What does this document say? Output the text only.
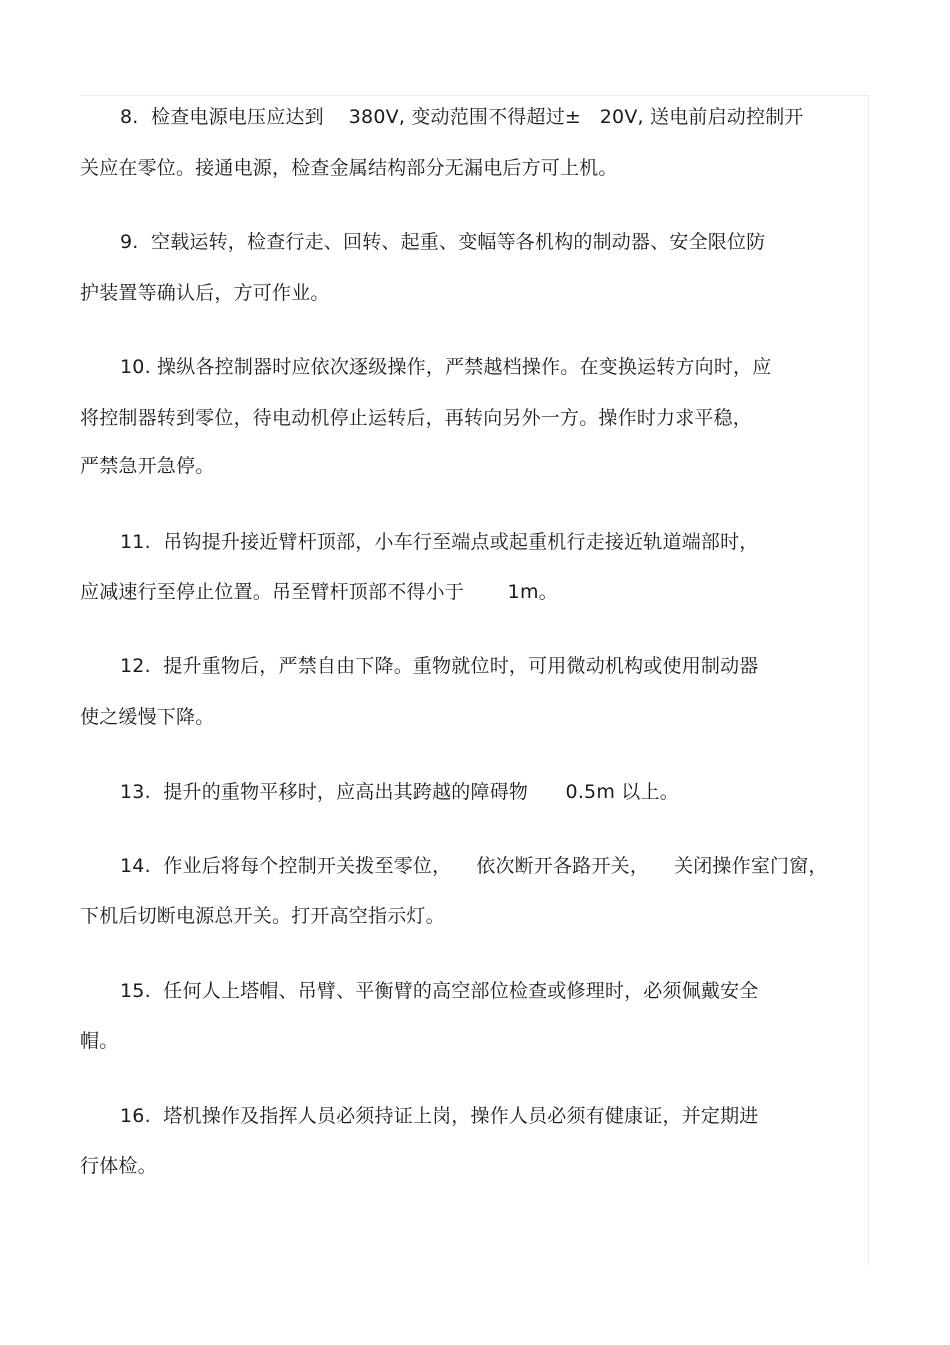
8.  检查电源电压应达到    380V, 变动范围不得超过±   20V, 送电前启动控制开
关应在零位。接通电源，检查金属结构部分无漏电后方可上机。
9.  空载运转，检查行走、回转、起重、变幅等各机构的制动器、安全限位防
护装置等确认后，方可作业。
10. 操纵各控制器时应依次逐级操作，严禁越档操作。在变换运转方向时，应
将控制器转到零位，待电动机停止运转后，再转向另外一方。操作时力求平稳，
严禁急开急停。
11.  吊钩提升接近臂杆顶部，小车行至端点或起重机行走接近轨道端部时，
应减速行至停止位置。吊至臂杆顶部不得小于       1m。
12.  提升重物后，严禁自由下降。重物就位时，可用微动机构或使用制动器
使之缓慢下降。
13.  提升的重物平移时，应高出其跨越的障碍物      0.5m 以上。
14.  作业后将每个控制开关拨至零位，    依次断开各路开关，    关闭操作室门窗，
下机后切断电源总开关。打开高空指示灯。
15.  任何人上塔帽、吊臂、平衡臂的高空部位检查或修理时，必须佩戴安全
帽。
16.  塔机操作及指挥人员必须持证上岗，操作人员必须有健康证，并定期进
行体检。
